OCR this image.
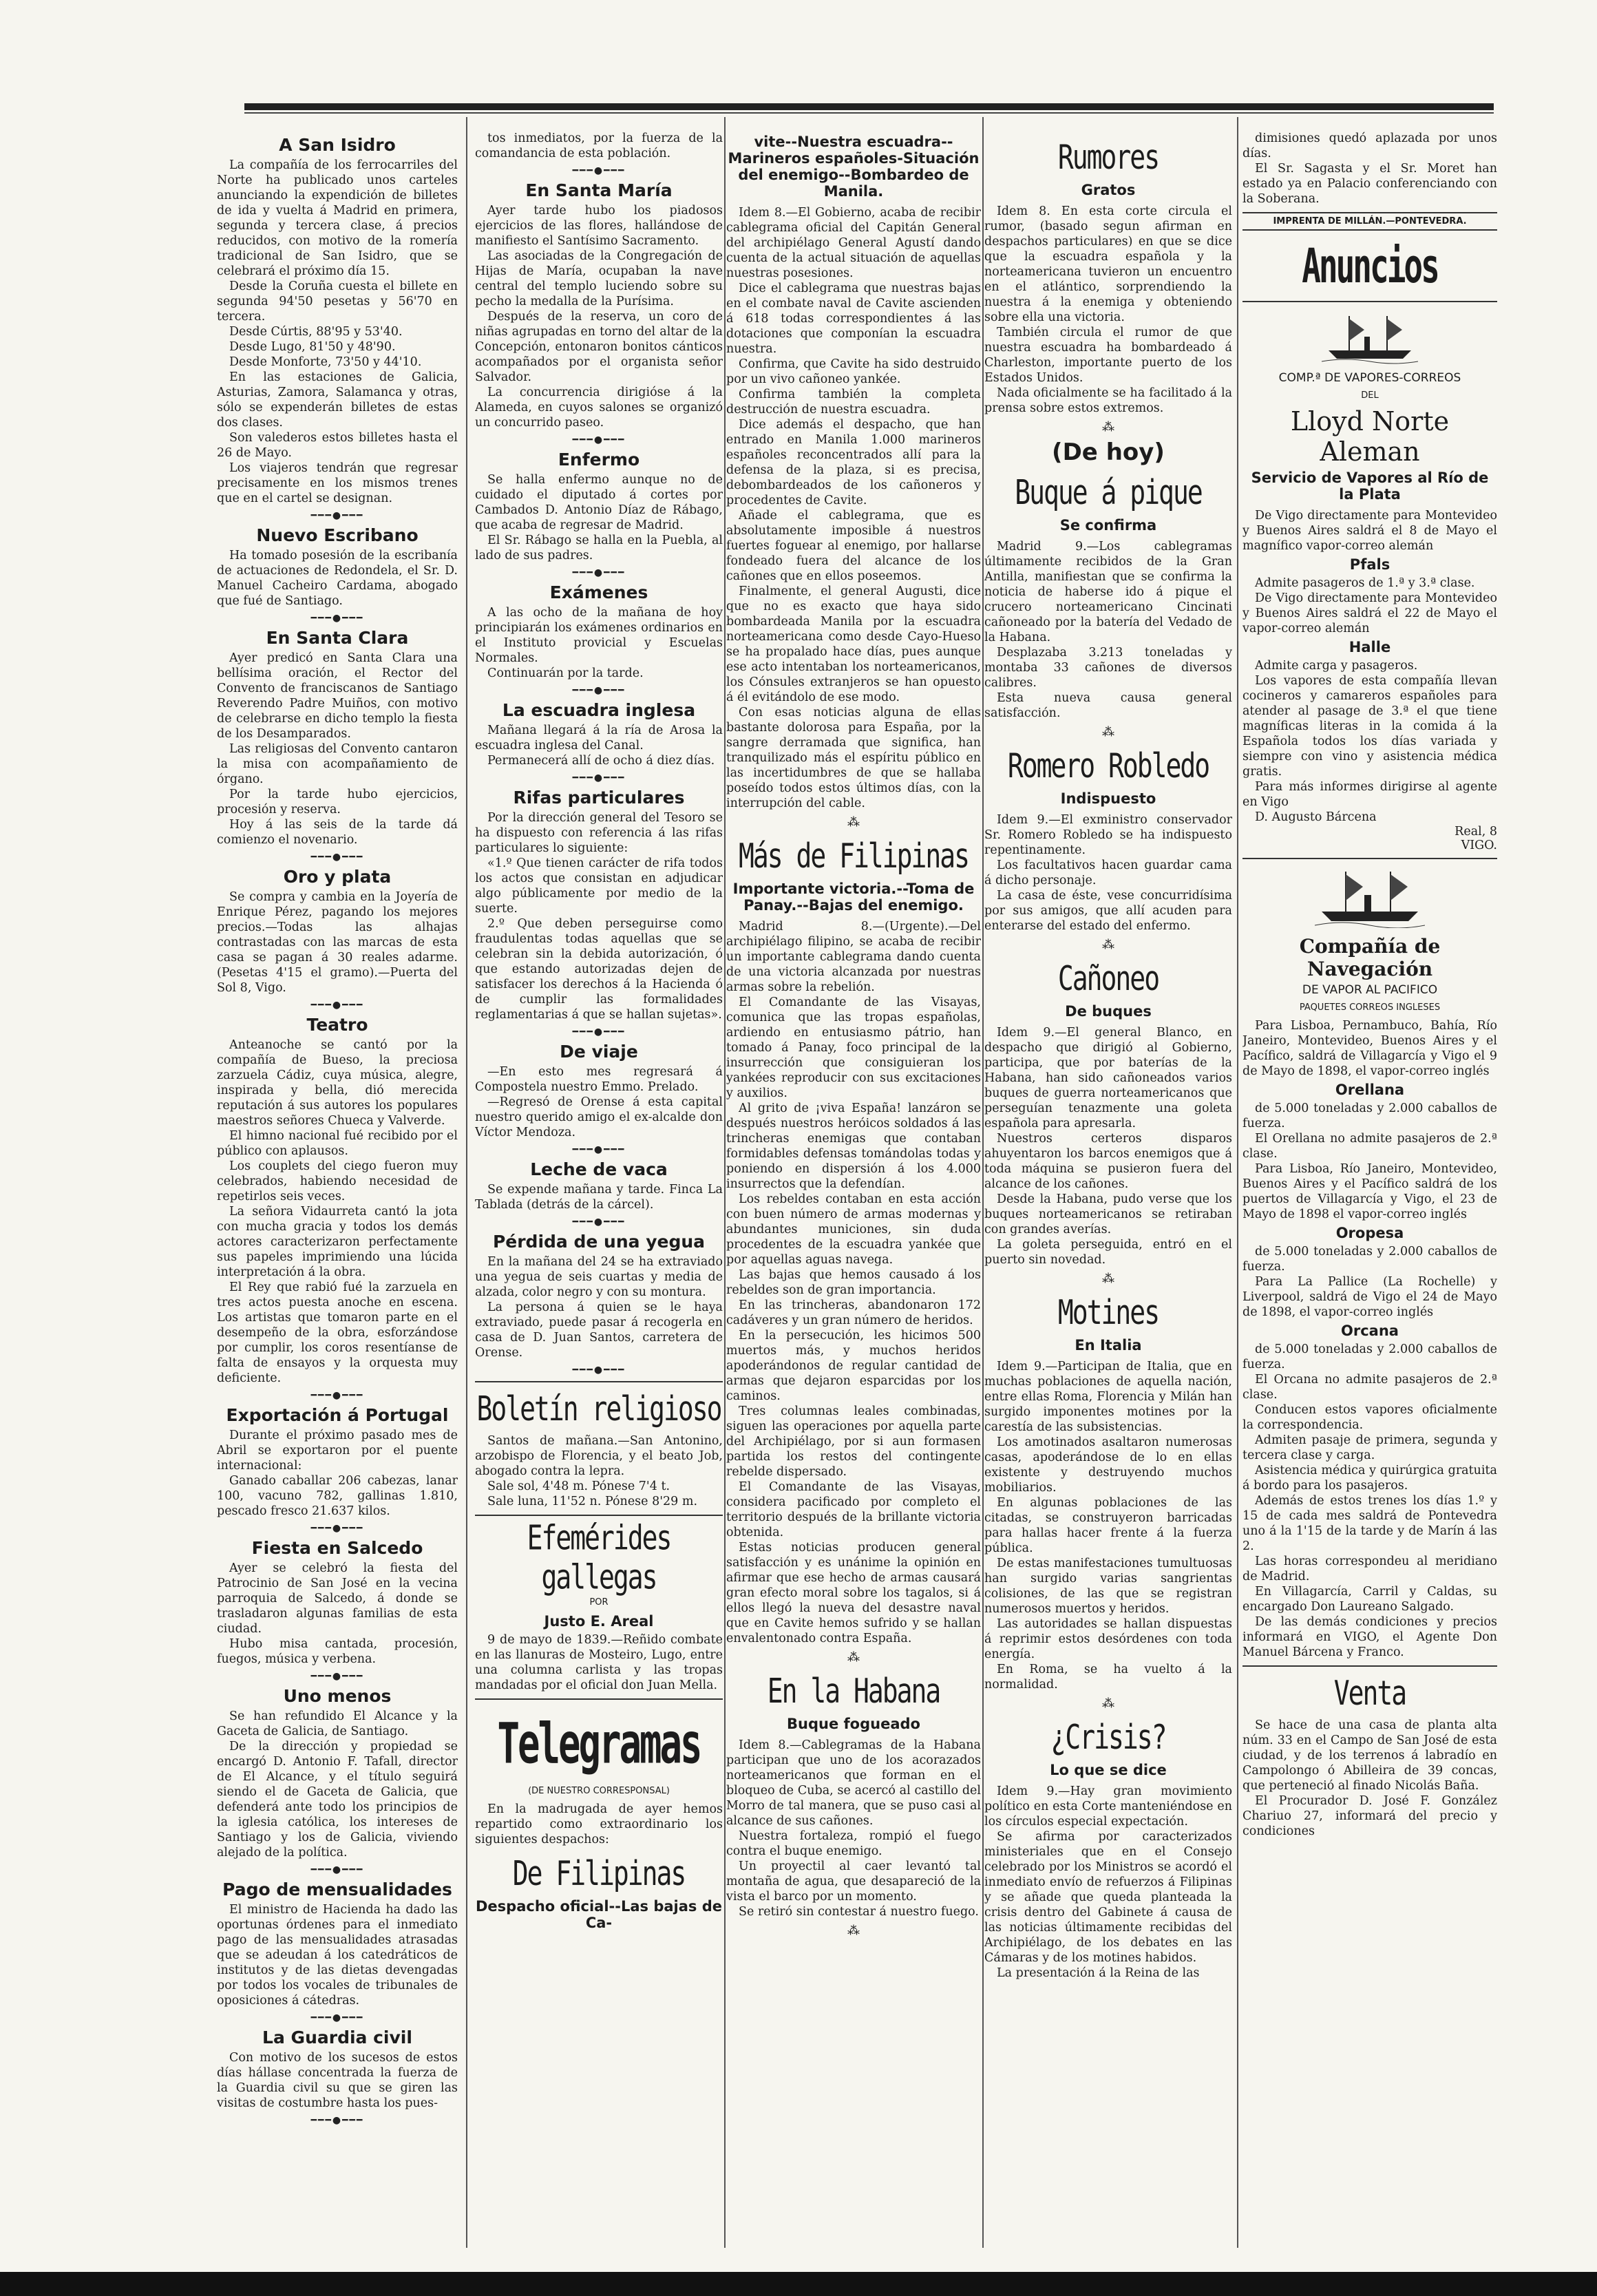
A San Isidro

La compañía de los ferrocarriles del Norte ha publicado unos carteles anunciando la expendición de billetes de ida y vuelta á Madrid en primera, segunda y tercera clase, á precios reducidos, con motivo de la romería tradicional de San Isidro, que se celebrará el próximo día 15.

Desde la Coruña cuesta el billete en segunda 94'50 pesetas y 56'70 en tercera.

Desde Cúrtis, 88'95 y 53'40.

Desde Lugo, 81'50 y 48'90.

Desde Monforte, 73'50 y 44'10.

En las estaciones de Galicia, Asturias, Zamora, Salamanca y otras, sólo se expenderán billetes de estas dos clases.

Son valederos estos billetes hasta el 26 de Mayo.

Los viajeros tendrán que regresar precisamente en los mismos trenes que en el cartel se designan.

━━━●━━━
Nuevo Escribano

Ha tomado posesión de la escribanía de actuaciones de Redondela, el Sr. D. Manuel Cacheiro Cardama, abogado que fué de Santiago.

━━━●━━━
En Santa Clara

Ayer predicó en Santa Clara una bellísima oración, el Rector del Convento de franciscanos de Santiago Reverendo Padre Muiños, con motivo de celebrarse en dicho templo la fiesta de los Desamparados.

Las religiosas del Convento cantaron la misa con acompañamiento de órgano.

Por la tarde hubo ejercicios, procesión y reserva.

Hoy á las seis de la tarde dá comienzo el novenario.

━━━●━━━
Oro y plata

Se compra y cambia en la Joyería de Enrique Pérez, pagando los mejores precios.—Todas las alhajas contrastadas con las marcas de esta casa se pagan á 30 reales adarme. (Pesetas 4'15 el gramo).—Puerta del Sol 8, Vigo.

━━━●━━━
Teatro

Anteanoche se cantó por la compañía de Bueso, la preciosa zarzuela Cádiz, cuya música, alegre, inspirada y bella, dió merecida reputación á sus autores los populares maestros señores Chueca y Valverde.

El himno nacional fué recibido por el público con aplausos.

Los couplets del ciego fueron muy celebrados, habiendo necesidad de repetirlos seis veces.

La señora Vidaurreta cantó la jota con mucha gracia y todos los demás actores caracterizaron perfectamente sus papeles imprimiendo una lúcida interpretación á la obra.

El Rey que rabió fué la zarzuela en tres actos puesta anoche en escena. Los artistas que tomaron parte en el desempeño de la obra, esforzándose por cumplir, los coros resentíanse de falta de ensayos y la orquesta muy deficiente.

━━━●━━━
Exportación á Portugal

Durante el próximo pasado mes de Abril se exportaron por el puente internacional:

Ganado caballar 206 cabezas, lanar 100, vacuno 782, gallinas 1.810, pescado fresco 21.637 kilos.

━━━●━━━
Fiesta en Salcedo

Ayer se celebró la fiesta del Patrocinio de San José en la vecina parroquia de Salcedo, á donde se trasladaron algunas familias de esta ciudad.

Hubo misa cantada, procesión, fuegos, música y verbena.

━━━●━━━
Uno menos

Se han refundido El Alcance y la Gaceta de Galicia, de Santiago.

De la dirección y propiedad se encargó D. Antonio F. Tafall, director de El Alcance, y el título seguirá siendo el de Gaceta de Galicia, que defenderá ante todo los principios de la iglesia católica, los intereses de Santiago y los de Galicia, viviendo alejado de la política.

━━━●━━━
Pago de mensualidades

El ministro de Hacienda ha dado las oportunas órdenes para el inmediato pago de las mensualidades atrasadas que se adeudan á los catedráticos de institutos y de las dietas devengadas por todos los vocales de tribunales de oposiciones á cátedras.

━━━●━━━
La Guardia civil

Con motivo de los sucesos de estos días hállase concentrada la fuerza de la Guardia civil su que se giren las visitas de costumbre hasta los pues-

━━━●━━━

tos inmediatos, por la fuerza de la comandancia de esta población.

━━━●━━━
En Santa María

Ayer tarde hubo los piadosos ejercicios de las flores, hallándose de manifiesto el Santísimo Sacramento.

Las asociadas de la Congregación de Hijas de María, ocupaban la nave central del templo luciendo sobre su pecho la medalla de la Purísima.

Después de la reserva, un coro de niñas agrupadas en torno del altar de la Concepción, entonaron bonitos cánticos acompañados por el organista señor Salvador.

La concurrencia dirigióse á la Alameda, en cuyos salones se organizó un concurrido paseo.

━━━●━━━
Enfermo

Se halla enfermo aunque no de cuidado el diputado á cortes por Cambados D. Antonio Díaz de Rábago, que acaba de regresar de Madrid.

El Sr. Rábago se halla en la Puebla, al lado de sus padres.

━━━●━━━
Exámenes

A las ocho de la mañana de hoy principiarán los exámenes ordinarios en el Instituto provicial y Escuelas Normales.

Continuarán por la tarde.

━━━●━━━
La escuadra inglesa

Mañana llegará á la ría de Arosa la escuadra inglesa del Canal.

Permanecerá allí de ocho á diez días.

━━━●━━━
Rifas particulares

Por la dirección general del Tesoro se ha dispuesto con referencia á las rifas particulares lo siguiente:

«1.º Que tienen carácter de rifa todos los actos que consistan en adjudicar algo públicamente por medio de la suerte.

2.º Que deben perseguirse como fraudulentas todas aquellas que se celebran sin la debida autorización, ó que estando autorizadas dejen de satisfacer los derechos á la Hacienda ó de cumplir las formalidades reglamentarias á que se hallan sujetas».

━━━●━━━
De viaje

—En esto mes regresará á Compostela nuestro Emmo. Prelado.

—Regresó de Orense á esta capital nuestro querido amigo el ex-alcalde don Víctor Mendoza.

━━━●━━━
Leche de vaca

Se expende mañana y tarde. Finca La Tablada (detrás de la cárcel).

━━━●━━━
Pérdida de una yegua

En la mañana del 24 se ha extraviado una yegua de seis cuartas y media de alzada, color negro y con su montura.

La persona á quien se le haya extraviado, puede pasar á recogerla en casa de D. Juan Santos, carretera de Orense.

━━━●━━━
Boletín religioso

Santos de mañana.—San Antonino, arzobispo de Florencia, y el beato Job, abogado contra la lepra.

Sale sol, 4'48 m. Pónese 7'4 t.

Sale luna, 11'52 n. Pónese 8'29 m.

Efemérides gallegas
POR
Justo E. Areal

9 de mayo de 1839.—Reñido combate en las llanuras de Mosteiro, Lugo, entre una columna carlista y las tropas mandadas por el oficial don Juan Mella.

Telegramas
(DE NUESTRO CORRESPONSAL)

En la madrugada de ayer hemos repartido como extraordinario los siguientes despachos:

De Filipinas
Despacho oficial--Las bajas de Ca-
vite--Nuestra escuadra--Marineros españoles-Situación del enemigo--Bombardeo de Manila.

Idem 8.—El Gobierno, acaba de recibir cablegrama oficial del Capitán General del archipiélago General Agustí dando cuenta de la actual situación de aquellas nuestras posesiones.

Dice el cablegrama que nuestras bajas en el combate naval de Cavite ascienden á 618 todas correspondientes á las dotaciones que componían la escuadra nuestra.

Confirma, que Cavite ha sido destruido por un vivo cañoneo yankée.

Confirma también la completa destrucción de nuestra escuadra.

Dice además el despacho, que han entrado en Manila 1.000 marineros españoles reconcentrados allí para la defensa de la plaza, si es precisa, debombardeados de los cañoneros y procedentes de Cavite.

Añade el cablegrama, que es absolutamente imposible á nuestros fuertes foguear al enemigo, por hallarse fondeado fuera del alcance de los cañones que en ellos poseemos.

Finalmente, el general Augusti, dice que no es exacto que haya sido bombardeada Manila por la escuadra norteamericana como desde Cayo-Hueso se ha propalado hace días, pues aunque ese acto intentaban los norteamericanos, los Cónsules extranjeros se han opuesto á él evitándolo de ese modo.

Con esas noticias alguna de ellas bastante dolorosa para España, por la sangre derramada que significa, han tranquilizado más el espíritu público en las incertidumbres de que se hallaba poseído todos estos últimos días, con la interrupción del cable.

⁂
Más de Filipinas
Importante victoria.--Toma de Panay.--Bajas del enemigo.

Madrid 8.—(Urgente).—Del archipiélago filipino, se acaba de recibir un importante cablegrama dando cuenta de una victoria alcanzada por nuestras armas sobre la rebelión.

El Comandante de las Visayas, comunica que las tropas españolas, ardiendo en entusiasmo pátrio, han tomado á Panay, foco principal de la insurrección que consiguieran los yankées reproducir con sus excitaciones y auxilios.

Al grito de ¡viva España! lanzáron se después nuestros heróicos soldados á las trincheras enemigas que contaban formidables defensas tomándolas todas y poniendo en dispersión á los 4.000 insurrectos que la defendían.

Los rebeldes contaban en esta acción con buen número de armas modernas y abundantes municiones, sin duda procedentes de la escuadra yankée que por aquellas aguas navega.

Las bajas que hemos causado á los rebeldes son de gran importancia.

En las trincheras, abandonaron 172 cadáveres y un gran número de heridos.

En la persecución, les hicimos 500 muertos más, y muchos heridos apoderándonos de regular cantidad de armas que dejaron esparcidas por los caminos.

Tres columnas leales combinadas, siguen las operaciones por aquella parte del Archipiélago, por si aun formasen partida los restos del contingente rebelde dispersado.

El Comandante de las Visayas, considera pacificado por completo el territorio después de la brillante victoria obtenida.

Estas noticias producen general satisfacción y es unánime la opinión en afirmar que ese hecho de armas causará gran efecto moral sobre los tagalos, si á ellos llegó la nueva del desastre naval que en Cavite hemos sufrido y se hallan envalentonado contra España.

⁂
En la Habana
Buque fogueado

Idem 8.—Cablegramas de la Habana participan que uno de los acorazados norteamericanos que forman en el bloqueo de Cuba, se acercó al castillo del Morro de tal manera, que se puso casi al alcance de sus cañones.

Nuestra fortaleza, rompió el fuego contra el buque enemigo.

Un proyectil al caer levantó tal montaña de agua, que desapareció de la vista el barco por un momento.

Se retiró sin contestar á nuestro fuego.

⁂
Rumores
Gratos

Idem 8. En esta corte circula el rumor, (basado segun afirman en despachos particulares) en que se dice que la escuadra española y la norteamericana tuvieron un encuentro en el atlántico, sorprendiendo la nuestra á la enemiga y obteniendo sobre ella una victoria.

También circula el rumor de que nuestra escuadra ha bombardeado á Charleston, importante puerto de los Estados Unidos.

Nada oficialmente se ha facilitado á la prensa sobre estos extremos.

⁂
(De hoy)
Buque á pique
Se confirma

Madrid 9.—Los cablegramas últimamente recibidos de la Gran Antilla, manifiestan que se confirma la noticia de haberse ido á pique el crucero norteamericano Cincinati cañoneado por la batería del Vedado de la Habana.

Desplazaba 3.213 toneladas y montaba 33 cañones de diversos calibres.

Esta nueva causa general satisfacción.

⁂
Romero Robledo
Indispuesto

Idem 9.—El exministro conservador Sr. Romero Robledo se ha indispuesto repentinamente.

Los facultativos hacen guardar cama á dicho personaje.

La casa de éste, vese concurridísima por sus amigos, que allí acuden para enterarse del estado del enfermo.

⁂
Cañoneo
De buques

Idem 9.—El general Blanco, en despacho que dirigió al Gobierno, participa, que por baterías de la Habana, han sido cañoneados varios buques de guerra norteamericanos que perseguían tenazmente una goleta española para apresarla.

Nuestros certeros disparos ahuyentaron los barcos enemigos que á toda máquina se pusieron fuera del alcance de los cañones.

Desde la Habana, pudo verse que los buques norteamericanos se retiraban con grandes averías.

La goleta perseguida, entró en el puerto sin novedad.

⁂
Motines
En Italia

Idem 9.—Participan de Italia, que en muchas poblaciones de aquella nación, entre ellas Roma, Florencia y Milán han surgido imponentes motines por la carestía de las subsistencias.

Los amotinados asaltaron numerosas casas, apoderándose de lo en ellas existente y destruyendo muchos mobiliarios.

En algunas poblaciones de las citadas, se construyeron barricadas para hallas hacer frente á la fuerza pública.

De estas manifestaciones tumultuosas han surgido varias sangrientas colisiones, de las que se registran numerosos muertos y heridos.

Las autoridades se hallan dispuestas á reprimir estos desórdenes con toda energía.

En Roma, se ha vuelto á la normalidad.

⁂
¿Crisis?
Lo que se dice

Idem 9.—Hay gran movimiento político en esta Corte manteniéndose en los círculos especial expectación.

Se afirma por caracterizados ministeriales que en el Consejo celebrado por los Ministros se acordó el inmediato envío de refuerzos á Filipinas y se añade que queda planteada la crisis dentro del Gabinete á causa de las noticias últimamente recibidas del Archipiélago, de los debates en las Cámaras y de los motines habidos.

La presentación á la Reina de las

dimisiones quedó aplazada por unos días.

El Sr. Sagasta y el Sr. Moret han estado ya en Palacio conferenciando con la Soberana.

IMPRENTA DE MILLÁN.—PONTEVEDRA.
Anuncios
COMP.ª DE VAPORES-CORREOS
DEL
Lloyd Norte Aleman
Servicio de Vapores al Río de la Plata

De Vigo directamente para Montevideo y Buenos Aires saldrá el 8 de Mayo el magnífico vapor-correo alemán

Pfals

Admite pasageros de 1.ª y 3.ª clase.

De Vigo directamente para Montevideo y Buenos Aires saldrá el 22 de Mayo el vapor-correo alemán

Halle

Admite carga y pasageros.

Los vapores de esta compañía llevan cocineros y camareros españoles para atender al pasage de 3.ª el que tiene magníficas literas in la comida á la Española todos los días variada y siempre con vino y asistencia médica gratis.

Para más informes dirigirse al agente en Vigo

D. Augusto Bárcena

Real, 8

VIGO.

Compañía de Navegación
DE VAPOR AL PACIFICO
PAQUETES CORREOS INGLESES

Para Lisboa, Pernambuco, Bahía, Río Janeiro, Montevideo, Buenos Aires y el Pacífico, saldrá de Villagarcía y Vigo el 9 de Mayo de 1898, el vapor-correo inglés

Orellana

de 5.000 toneladas y 2.000 caballos de fuerza.

El Orellana no admite pasajeros de 2.ª clase.

Para Lisboa, Río Janeiro, Montevideo, Buenos Aires y el Pacífico saldrá de los puertos de Villagarcía y Vigo, el 23 de Mayo de 1898 el vapor-correo inglés

Oropesa

de 5.000 toneladas y 2.000 caballos de fuerza.

Para La Pallice (La Rochelle) y Liverpool, saldrá de Vigo el 24 de Mayo de 1898, el vapor-correo inglés

Orcana

de 5.000 toneladas y 2.000 caballos de fuerza.

El Orcana no admite pasajeros de 2.ª clase.

Conducen estos vapores oficialmente la correspondencia.

Admiten pasaje de primera, segunda y tercera clase y carga.

Asistencia médica y quirúrgica gratuita á bordo para los pasajeros.

Además de estos trenes los días 1.º y 15 de cada mes saldrá de Pontevedra uno á la 1'15 de la tarde y de Marín á las 2.

Las horas correspondeu al meridiano de Madrid.

En Villagarcía, Carril y Caldas, su encargado Don Laureano Salgado.

De las demás condiciones y precios informará en VIGO, el Agente Don Manuel Bárcena y Franco.

Venta

Se hace de una casa de planta alta núm. 33 en el Campo de San José de esta ciudad, y de los terrenos á labradío en Campolongo ó Abilleira de 39 concas, que perteneció al finado Nicolás Baña.

El Procurador D. José F. González Chariuo 27, informará del precio y condiciones
